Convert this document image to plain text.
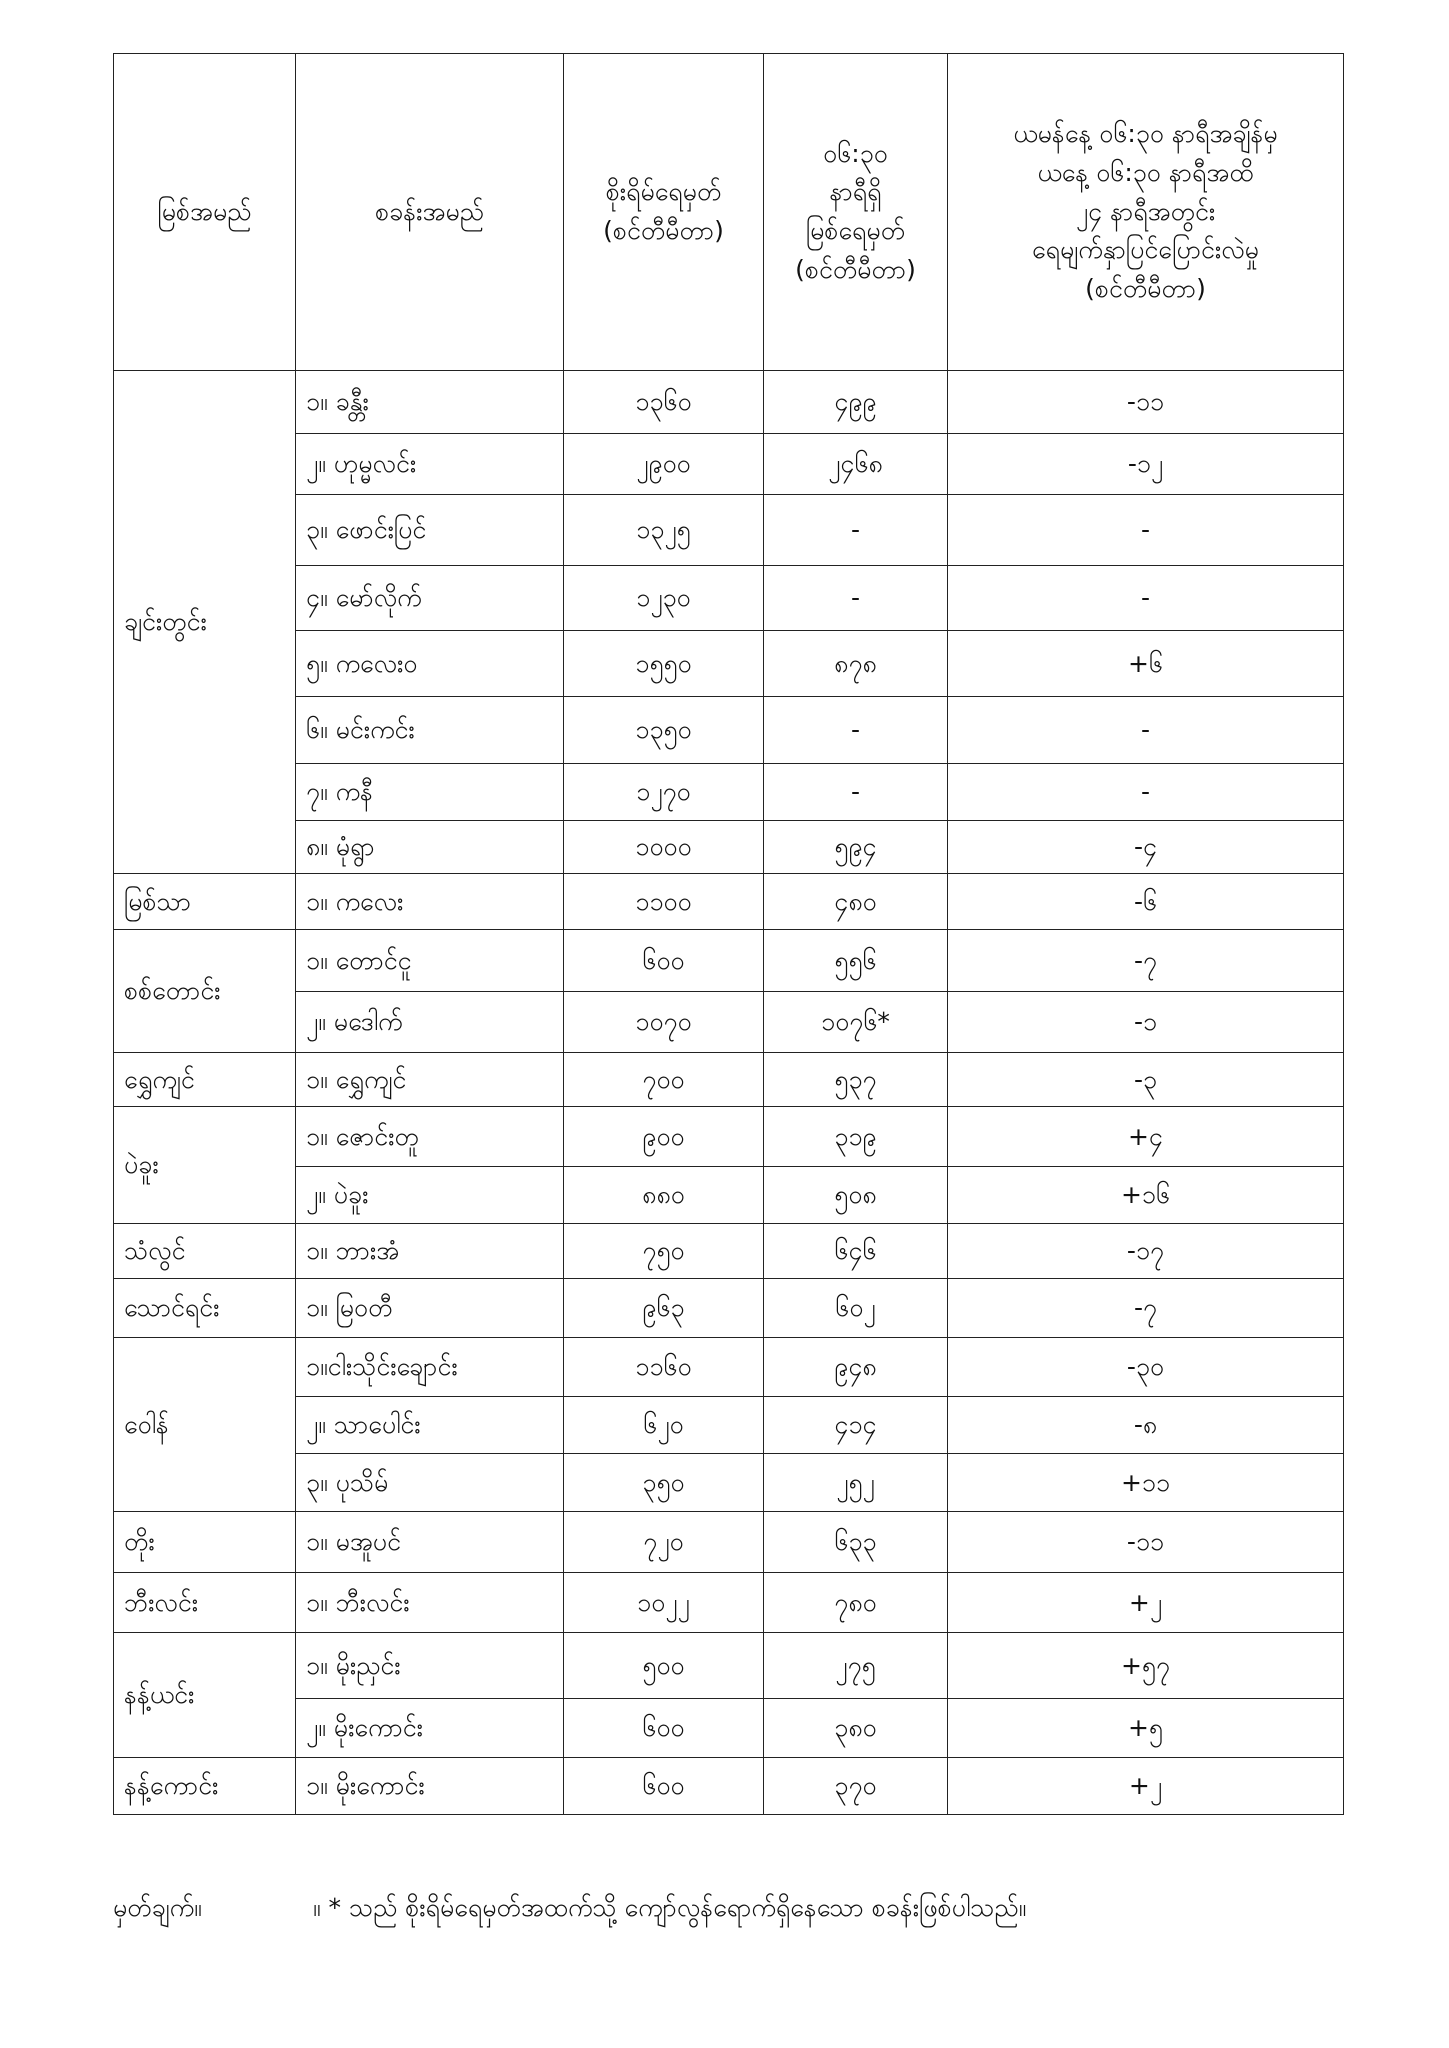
မြစ်အမည်	စခန်းအမည်	စိုးရိမ်ရေမှတ်
(စင်တီမီတာ)	၀၆:၃၀
နာရီရှိ
မြစ်ရေမှတ်
(စင်တီမီတာ)	ယမန်နေ့ ၀၆:၃၀ နာရီအချိန်မှ
ယနေ့ ၀၆:၃၀ နာရီအထိ
၂၄ နာရီအတွင်း
ရေမျက်နှာပြင်ပြောင်းလဲမှု
(စင်တီမီတာ)

ချင်းတွင်း	၁။ ခန္တီး	၁၃၆၀	၄၉၉	-၁၁
	၂။ ဟုမ္မလင်း	၂၉၀၀	၂၄၆၈	-၁၂
	၃။ ဖောင်းပြင်	၁၃၂၅	-	-
	၄။ မော်လိုက်	၁၂၃၀	-	-
	၅။ ကလေးဝ	၁၅၅၀	၈၇၈	+၆
	၆။ မင်းကင်း	၁၃၅၀	-	-
	၇။ ကနီ	၁၂၇၀	-	-
	၈။ မုံရွာ	၁၀၀၀	၅၉၄	-၄
မြစ်သာ	၁။ ကလေး	၁၁၀၀	၄၈၀	-၆
စစ်တောင်း	၁။ တောင်ငူ	၆၀၀	၅၅၆	-၇
	၂။ မဒေါက်	၁၀၇၀	၁၀၇၆*	-၁
ရွှေကျင်	၁။ ရွှေကျင်	၇၀၀	၅၃၇	-၃
ပဲခူး	၁။ ဇောင်းတူ	၉၀၀	၃၁၉	+၄
	၂။ ပဲခူး	၈၈၀	၅၀၈	+၁၆
သံလွင်	၁။ ဘားအံ	၇၅၀	၆၄၆	-၁၇
သောင်ရင်း	၁။ မြဝတီ	၉၆၃	၆၀၂	-၇
ဝေါန်	၁။ငါးသိုင်းချောင်း	၁၁၆၀	၉၄၈	-၃၀
	၂။ သာပေါင်း	၆၂၀	၄၁၄	-၈
	၃။ ပုသိမ်	၃၅၀	၂၅၂	+၁၁
တိုး	၁။ မအူပင်	၇၂၀	၆၃၃	-၁၁
ဘီးလင်း	၁။ ဘီးလင်း	၁၀၂၂	၇၈၀	+၂
နန့်ယင်း	၁။ မိုးညှင်း	၅၀၀	၂၇၅	+၅၇
	၂။ မိုးကောင်း	၆၀၀	၃၈၀	+၅
နန့်ကောင်း	၁။ မိုးကောင်း	၆၀၀	၃၇၀	+၂
မှတ်ချက်။	။ * သည် စိုးရိမ်ရေမှတ်အထက်သို့ ကျော်လွန်ရောက်ရှိနေသော စခန်းဖြစ်ပါသည်။
